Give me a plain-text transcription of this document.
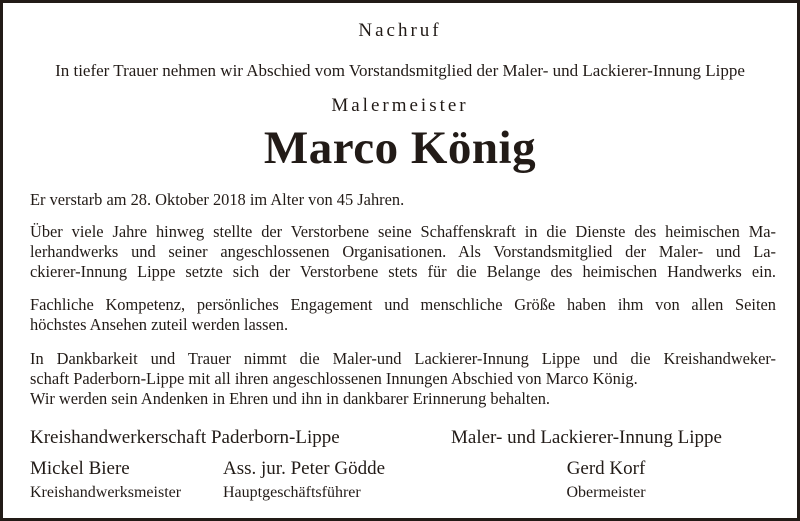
Nachruf
In tiefer Trauer nehmen wir Abschied vom Vorstandsmitglied der Maler- und Lackierer-Innung Lippe
Malermeister
Marco König
Er verstarb am 28. Oktober 2018 im Alter von 45 Jahren.
Über viele Jahre hinweg stellte der Verstorbene seine Schaffenskraft in die Dienste des heimischen Ma-
lerhandwerks und seiner angeschlossenen Organisationen. Als Vorstandsmitglied der Maler- und La-
ckierer-Innung Lippe setzte sich der Verstorbene stets für die Belange des heimischen Handwerks ein.
Fachliche Kompetenz, persönliches Engagement und menschliche Größe haben ihm von allen Seiten
höchstes Ansehen zuteil werden lassen.
In Dankbarkeit und Trauer nimmt die Maler-und Lackierer-Innung Lippe und die Kreishandweker-
schaft Paderborn-Lippe mit all ihren angeschlossenen Innungen Abschied von Marco König.
Wir werden sein Andenken in Ehren und ihn in dankbarer Erinnerung behalten.
Kreishandwerkerschaft Paderborn-Lippe	Maler- und Lackierer-Innung Lippe
Mickel Biere
Kreishandwerksmeister
Ass. jur. Peter Gödde
Hauptgeschäftsführer
Gerd Korf
Obermeister
